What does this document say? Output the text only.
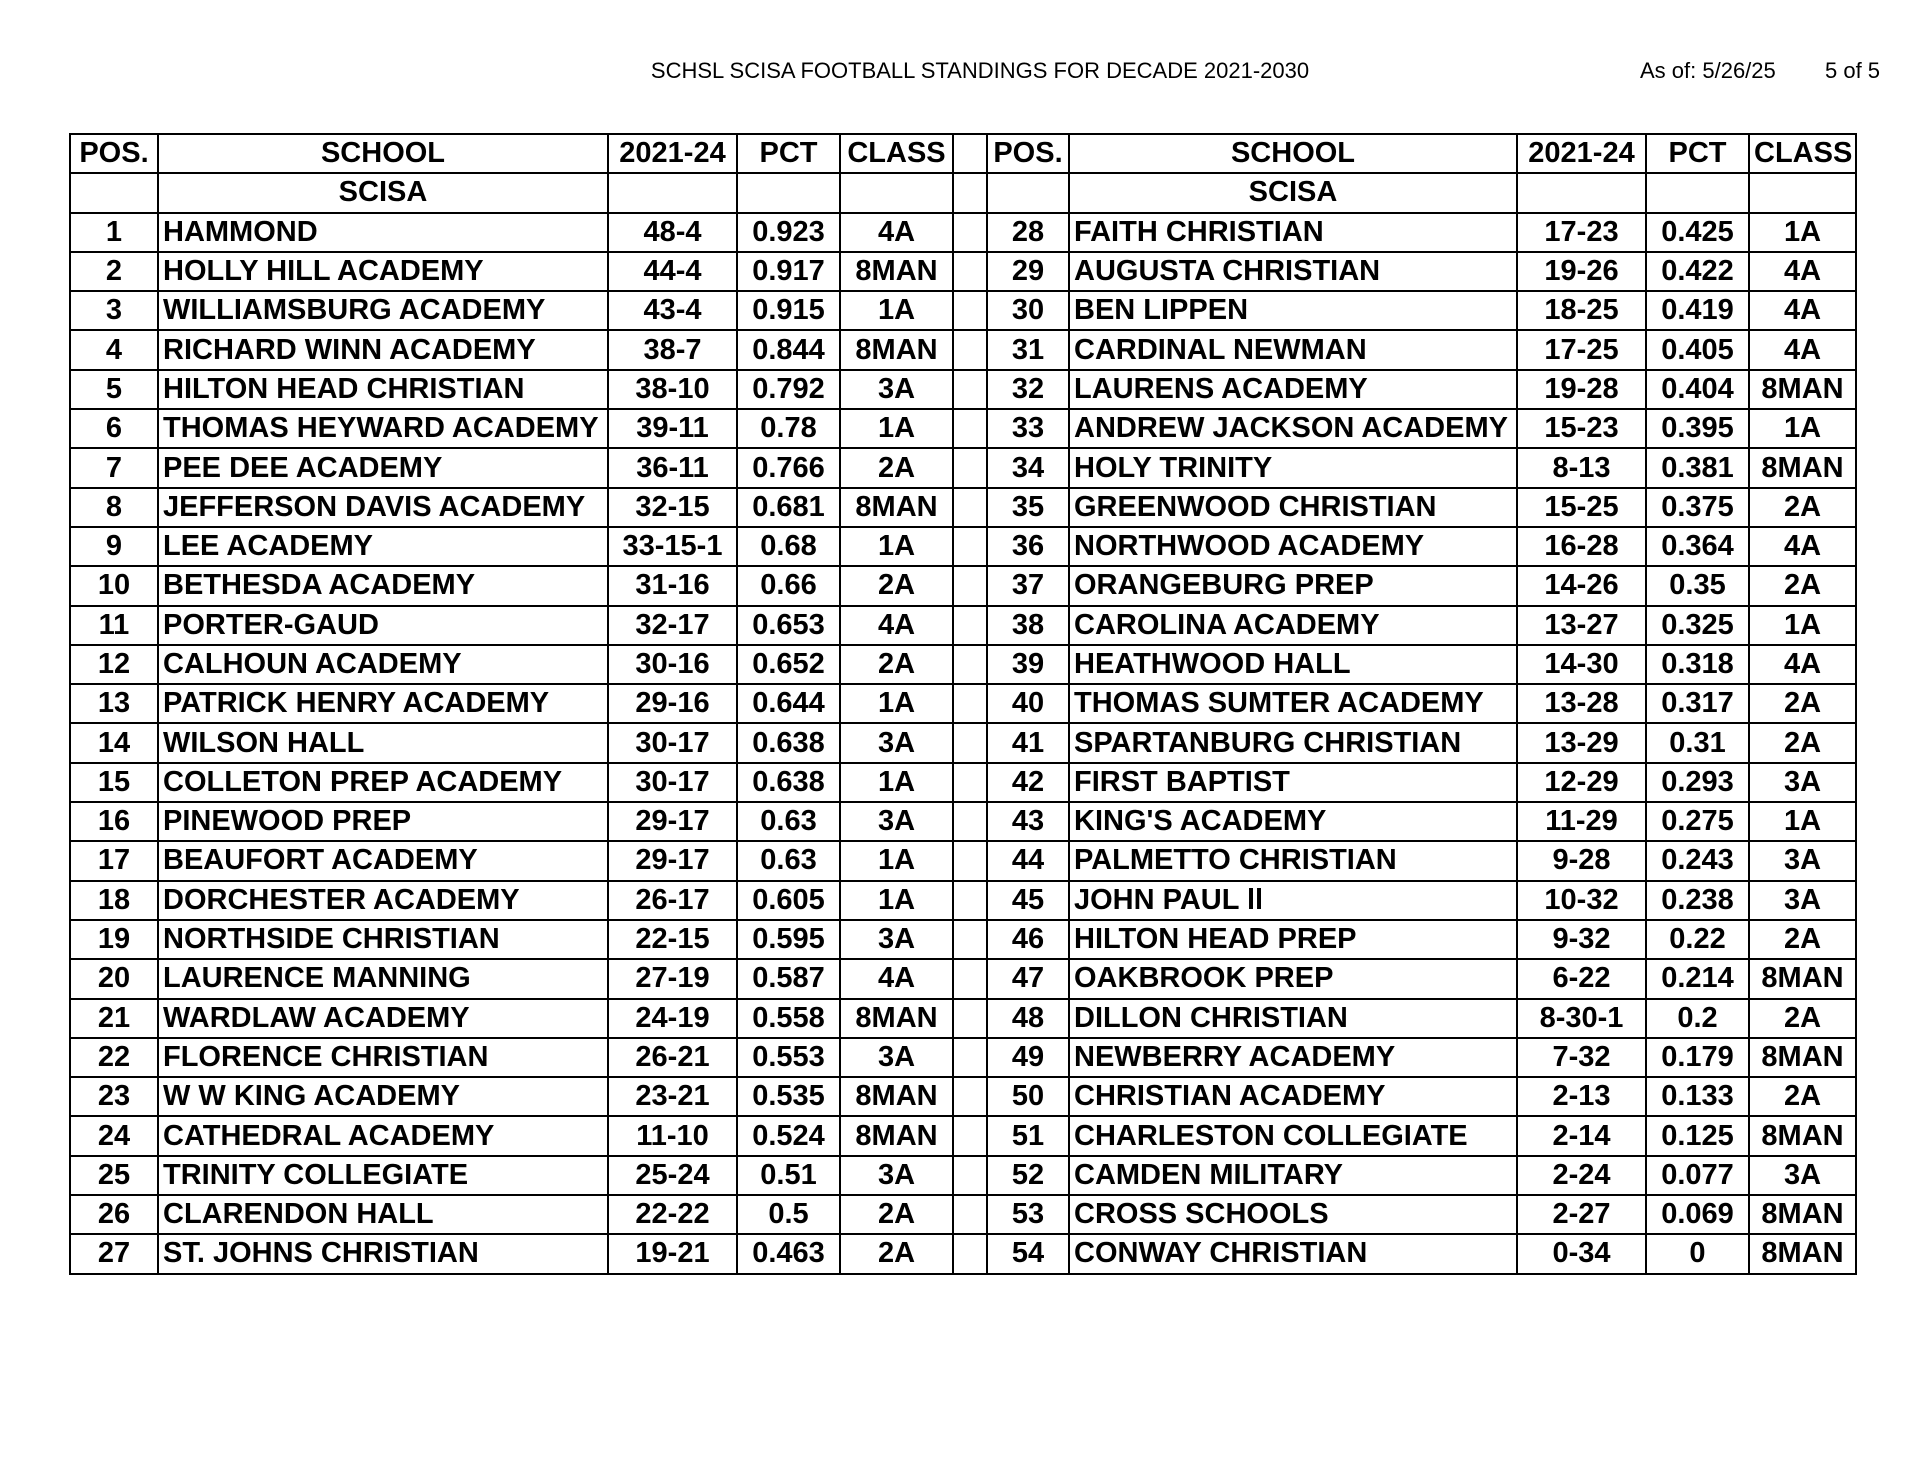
SCHSL SCISA FOOTBALL STANDINGS FOR DECADE 2021-2030	As of: 5/26/25 5 of 5
POS.	SCHOOL	2021-24	PCT	CLASS		POS.	SCHOOL	2021-24	PCT	CLASS
	SCISA						SCISA			
1	HAMMOND	48-4	0.923	4A		28	FAITH CHRISTIAN	17-23	0.425	1A
2	HOLLY HILL ACADEMY	44-4	0.917	8MAN		29	AUGUSTA CHRISTIAN	19-26	0.422	4A
3	WILLIAMSBURG ACADEMY	43-4	0.915	1A		30	BEN LIPPEN	18-25	0.419	4A
4	RICHARD WINN ACADEMY	38-7	0.844	8MAN		31	CARDINAL NEWMAN	17-25	0.405	4A
5	HILTON HEAD CHRISTIAN	38-10	0.792	3A		32	LAURENS ACADEMY	19-28	0.404	8MAN
6	THOMAS HEYWARD ACADEMY	39-11	0.78	1A		33	ANDREW JACKSON ACADEMY	15-23	0.395	1A
7	PEE DEE ACADEMY	36-11	0.766	2A		34	HOLY TRINITY	8-13	0.381	8MAN
8	JEFFERSON DAVIS ACADEMY	32-15	0.681	8MAN		35	GREENWOOD CHRISTIAN	15-25	0.375	2A
9	LEE ACADEMY	33-15-1	0.68	1A		36	NORTHWOOD ACADEMY	16-28	0.364	4A
10	BETHESDA ACADEMY	31-16	0.66	2A		37	ORANGEBURG PREP	14-26	0.35	2A
11	PORTER-GAUD	32-17	0.653	4A		38	CAROLINA ACADEMY	13-27	0.325	1A
12	CALHOUN ACADEMY	30-16	0.652	2A		39	HEATHWOOD HALL	14-30	0.318	4A
13	PATRICK HENRY ACADEMY	29-16	0.644	1A		40	THOMAS SUMTER ACADEMY	13-28	0.317	2A
14	WILSON HALL	30-17	0.638	3A		41	SPARTANBURG CHRISTIAN	13-29	0.31	2A
15	COLLETON PREP ACADEMY	30-17	0.638	1A		42	FIRST BAPTIST	12-29	0.293	3A
16	PINEWOOD PREP	29-17	0.63	3A		43	KING'S ACADEMY	11-29	0.275	1A
17	BEAUFORT ACADEMY	29-17	0.63	1A		44	PALMETTO CHRISTIAN	9-28	0.243	3A
18	DORCHESTER ACADEMY	26-17	0.605	1A		45	JOHN PAUL ll	10-32	0.238	3A
19	NORTHSIDE CHRISTIAN	22-15	0.595	3A		46	HILTON HEAD PREP	9-32	0.22	2A
20	LAURENCE MANNING	27-19	0.587	4A		47	OAKBROOK PREP	6-22	0.214	8MAN
21	WARDLAW ACADEMY	24-19	0.558	8MAN		48	DILLON CHRISTIAN	8-30-1	0.2	2A
22	FLORENCE CHRISTIAN	26-21	0.553	3A		49	NEWBERRY ACADEMY	7-32	0.179	8MAN
23	W W KING ACADEMY	23-21	0.535	8MAN		50	CHRISTIAN ACADEMY	2-13	0.133	2A
24	CATHEDRAL ACADEMY	11-10	0.524	8MAN		51	CHARLESTON COLLEGIATE	2-14	0.125	8MAN
25	TRINITY COLLEGIATE	25-24	0.51	3A		52	CAMDEN MILITARY	2-24	0.077	3A
26	CLARENDON HALL	22-22	0.5	2A		53	CROSS SCHOOLS	2-27	0.069	8MAN
27	ST. JOHNS CHRISTIAN	19-21	0.463	2A		54	CONWAY CHRISTIAN	0-34	0	8MAN
